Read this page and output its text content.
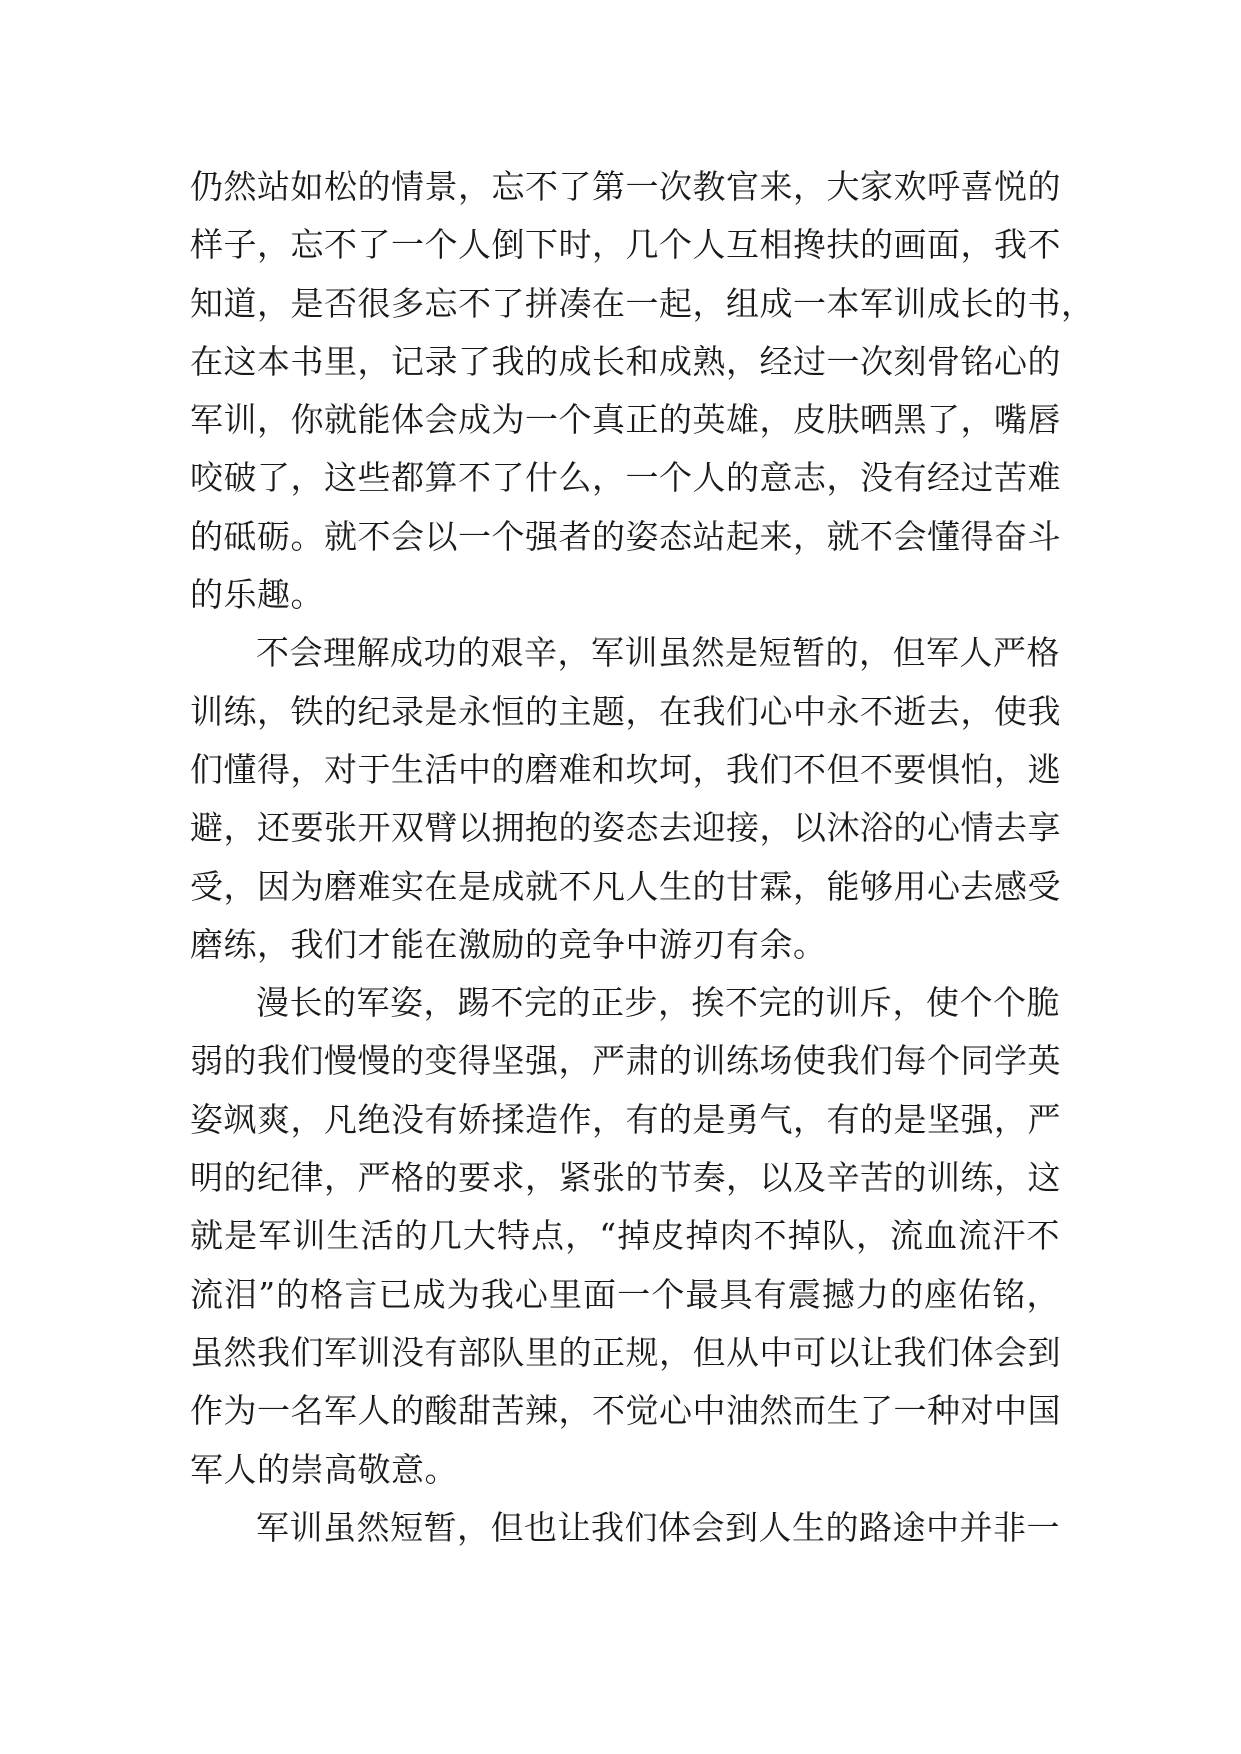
仍然站如松的情景，忘不了第一次教官来，大家欢呼喜悦的
样子，忘不了一个人倒下时，几个人互相搀扶的画面，我不
知道，是否很多忘不了拼凑在一起，组成一本军训成长的书，
在这本书里，记录了我的成长和成熟，经过一次刻骨铭心的
军训，你就能体会成为一个真正的英雄，皮肤晒黑了，嘴唇
咬破了，这些都算不了什么，一个人的意志，没有经过苦难
的砥砺。就不会以一个强者的姿态站起来，就不会懂得奋斗
的乐趣。
不会理解成功的艰辛，军训虽然是短暂的，但军人严格
训练，铁的纪录是永恒的主题，在我们心中永不逝去，使我
们懂得，对于生活中的磨难和坎坷，我们不但不要惧怕，逃
避，还要张开双臂以拥抱的姿态去迎接，以沐浴的心情去享
受，因为磨难实在是成就不凡人生的甘霖，能够用心去感受
磨练，我们才能在激励的竞争中游刃有余。
漫长的军姿，踢不完的正步，挨不完的训斥，使个个脆
弱的我们慢慢的变得坚强，严肃的训练场使我们每个同学英
姿飒爽，凡绝没有娇揉造作，有的是勇气，有的是坚强，严
明的纪律，严格的要求，紧张的节奏，以及辛苦的训练，这
就是军训生活的几大特点，“掉皮掉肉不掉队，流血流汗不
流泪”的格言已成为我心里面一个最具有震撼力的座佑铭，
虽然我们军训没有部队里的正规，但从中可以让我们体会到
作为一名军人的酸甜苦辣，不觉心中油然而生了一种对中国
军人的崇高敬意。
军训虽然短暂，但也让我们体会到人生的路途中并非一
